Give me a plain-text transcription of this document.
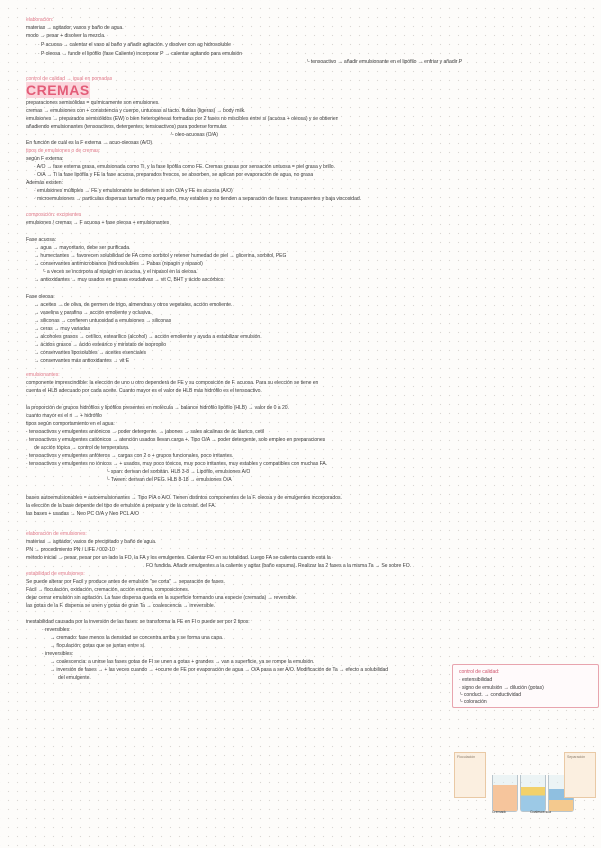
elaboración:
materias → agitador, vasos y baño de agua.
modo → pesar + disolver la mezcla.
· P acuosa → calentar el vaso al baño y añadir agitación. y disolver con ag hidrosoluble
· P oleosa → fundir el lipófilo (fase Caliente) incorporar P → calentar agitando para emulsión
└ tensoactivo → añadir emulsionante en el lipófilo → enfriar y añadir P
control de calidad → igual en pomadas
preparaciones semisólidas = químicamente son emulsiones.
cremas → emulsiones con + consistencia y cuerpo, untuosas al tacto. fluidas (ligeras) → body milk.
emulsiones → preparados semisólidos (EW) o bien heterogéneas formadas por 2 fases no miscibles entre sí (acuosa + oleosa) y se obtienen
añadiendo emulsionantes (tensoactivos, detergentes, tensioactivos) para poderse formular.
└ oleo-acuosas (O/A)
En función de cuál es la F externa → acuo-oleosas (A/O)
tipos de emulsiones o de cremas:
según F externa:
· A/O → fase externa grasa, emulsionada como Ti, y la fase lipófila como FE. Cremas grasas por sensación untuosa = piel grasa y brillo.
· O/A → Ti la fase lipófila y FE la fase acuosa, preparados frescos, se absorben, se aplican por evaporación de agua, no grasa
Además existen:
· emulsiones múltiples → FE y emulsionante se detienen si son O/A y FE es acuosa (A/O)
· microemulsiones → partículas dispersas tamaño muy pequeño, muy estables y no tienden a separación de fases. transparentes y baja viscosidad.
composición: excipientes
emulsiones / cremas → F acuosa + fase oleosa + emulsionantes
Fase acuosa:
→ agua → mayoritario, debe ser purificada.
→ humectantes → favorecen solubilidad de FA como sorbitol y retener humedad de piel → glicerina, sorbitol, PEG
→ conservantes antimicrobianos (hidrosolubles → Pabas (nipagín y nipasol)
└ a veces se incorpora al nipagín en acuosa, y el nipasol en la oleosa.
→ antioxidantes → muy usados en grasas exudativas → vit C, BHT y ácido ascórbico.
Fase oleosa:
→ aceites → de oliva, de germen de trigo, almendras y otros vegetales, acción emoliente.
→ vaselina y parafina → acción emoliente y oclusiva.
→ siliconas → confieren untuosidad a emulsiones → siliconas
→ ceras → muy variadas
→ alcoholes grasos → cetílico, estearílico (alcohol) → acción emoliente y ayuda a estabilizar emulsión.
→ ácidos grasos → ácido esteárico y miristato de isopropilo
→ conservantes liposolubles → aceites esenciales
→ conservantes más antioxidantes → vit E
emulsionantes:
componente imprescindible: la elección de uno u otro dependerá de FE y su composición de F. acuosa. Para su elección se tiene en
cuenta el HLB adecuado por cada aceite. Cuanto mayor es el valor de HLB más hidrófilo es el tensoactivo.
la proporción de grupos hidrófilos y lipófilos presentes en molécula → balance hidrófilo lipófilo (HLB) → valor de 0 a 20.
cuanto mayor es el n → + hidrófilo
tipos según comportamiento en el agua:
· tensoactivos y emulgentes aniónicos → poder detergente. → jabones → sales alcalinas de ác láurico, cetil
· tensoactivos y emulgentes catiónicos → atención usados llevan carga +. Tipo O/A → poder detergente, solo empleo en preparaciones
de acción tópica → control de temperatura.
· tensoactivos y emulgentes anfóteros → cargas con 2 o + grupos funcionales, poco irritantes.
· tensoactivos y emulgentes no iónicos → + usados, muy poco tóxicos, muy poco irritantes, muy estables y compatibles con muchas FA.
└ span: derivan del sorbitán. HLB 3-8 → Lipófilo, emulsiones A/O
└ Tween: derivan del PEG. HLB 8-18 → emulsiones O/A
bases autoemulsionables = autoemulsionantes → Tipo P/A o A/O. Tienen distintos componentes de la F. oleosa y de emulgentes incorporados.
la elección de la base depende del tipo de emulsión a preparar y de la consist. del FA.
las bases + usadas → Neo PC O/A y Neo PCL A/O
elaboración de emulsiones:
materias → agitador, vasos de precipitado y baño de agua.
PN → procedimiento PN / LIFE / 002-10
método inicial → pesar, pesar por un lado la FO, la FA y los emulgentes. Calentar FO en su totalidad. Luego FA se calienta cuando está la
FO fundida. Añadir emulgentes a la caliente y agitar (baño espuma). Realizar las 2 fases a la misma Ta → Se sobre FO.
estabilidad de emulsiones:
Se puede alterar por Facil y produce antes de emulsión "se corta" → separación de fases.
Fácil → floculación, oxidación, cremación, acción enzima, composiciones.
dejar cerrar emulsión sin agitación. La fase dispersa queda en la superficie formando una especie (cremada) → reversible.
las gotas de la F. dispersa se unen y gotas de gran Ta → coalescencia → irreversible.
inestabilidad causada por la inversión de las fases: se transforma la FE en FI o puede ser por 2 tipos:
· reversibles:
→ cremado: fase menos la densidad se concentra arriba y se forma una capa.
→ floculación: gotas que se juntan entre sí.
· irreversibles:
→ coalescencia: a unirse las fases gotas de FI se unen a gotas + grandes → van a superficie, ya se rompe la emulsión.
→ inversión de fases → + las veces cuando → +ocurre de FE por evaporación de agua → O/A pasa a ser A/O. Modificación de Ta → efecto a solubilidad
del emulgente.
CREMAS
control de calidad:
· extensibilidad
· signo de emulsión → dilución (gotas)
└ conduct. → conductividad
└ coloración
Floculación	Separación
Cremado	Coalescencia
